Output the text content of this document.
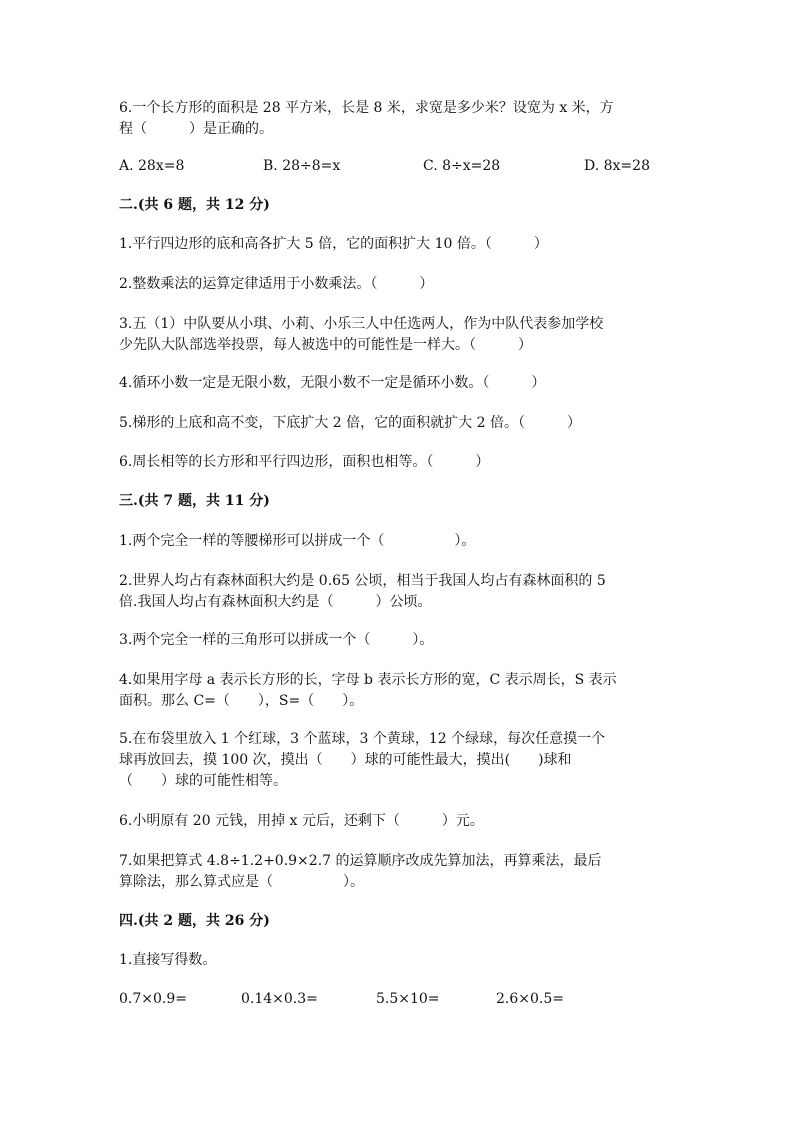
6.一个长方形的面积是 28 平方米，长是 8 米，求宽是多少米？设宽为 x 米，方
程（　　　）是正确的。
A. 28x=8	B. 28÷8=x	C. 8÷x=28	D. 8x=28
二.(共 6 题，共 12 分)
1.平行四边形的底和高各扩大 5 倍，它的面积扩大 10 倍。（　　　）
2.整数乘法的运算定律适用于小数乘法。（　　　）
3.五（1）中队要从小琪、小莉、小乐三人中任选两人，作为中队代表参加学校
少先队大队部选举投票，每人被选中的可能性是一样大。（　　　）
4.循环小数一定是无限小数，无限小数不一定是循环小数。（　　　）
5.梯形的上底和高不变，下底扩大 2 倍，它的面积就扩大 2 倍。（　　　）
6.周长相等的长方形和平行四边形，面积也相等。（　　　）
三.(共 7 题，共 11 分)
1.两个完全一样的等腰梯形可以拼成一个（　　　　　）。
2.世界人均占有森林面积大约是 0.65 公顷，相当于我国人均占有森林面积的 5
倍.我国人均占有森林面积大约是（　　　）公顷。
3.两个完全一样的三角形可以拼成一个（　　　）。
4.如果用字母 a 表示长方形的长，字母 b 表示长方形的宽，C 表示周长，S 表示
面积。那么 C=（　　），S=（　　）。
5.在布袋里放入 1 个红球，3 个蓝球，3 个黄球，12 个绿球，每次任意摸一个
球再放回去，摸 100 次，摸出（　　）球的可能性最大，摸出(　　)球和
（　　）球的可能性相等。
6.小明原有 20 元钱，用掉 x 元后，还剩下（　　　）元。
7.如果把算式 4.8÷1.2+0.9×2.7 的运算顺序改成先算加法，再算乘法，最后
算除法，那么算式应是（　　　　　）。
四.(共 2 题，共 26 分)
1.直接写得数。
0.7×0.9=	0.14×0.3=	5.5×10=	2.6×0.5=
